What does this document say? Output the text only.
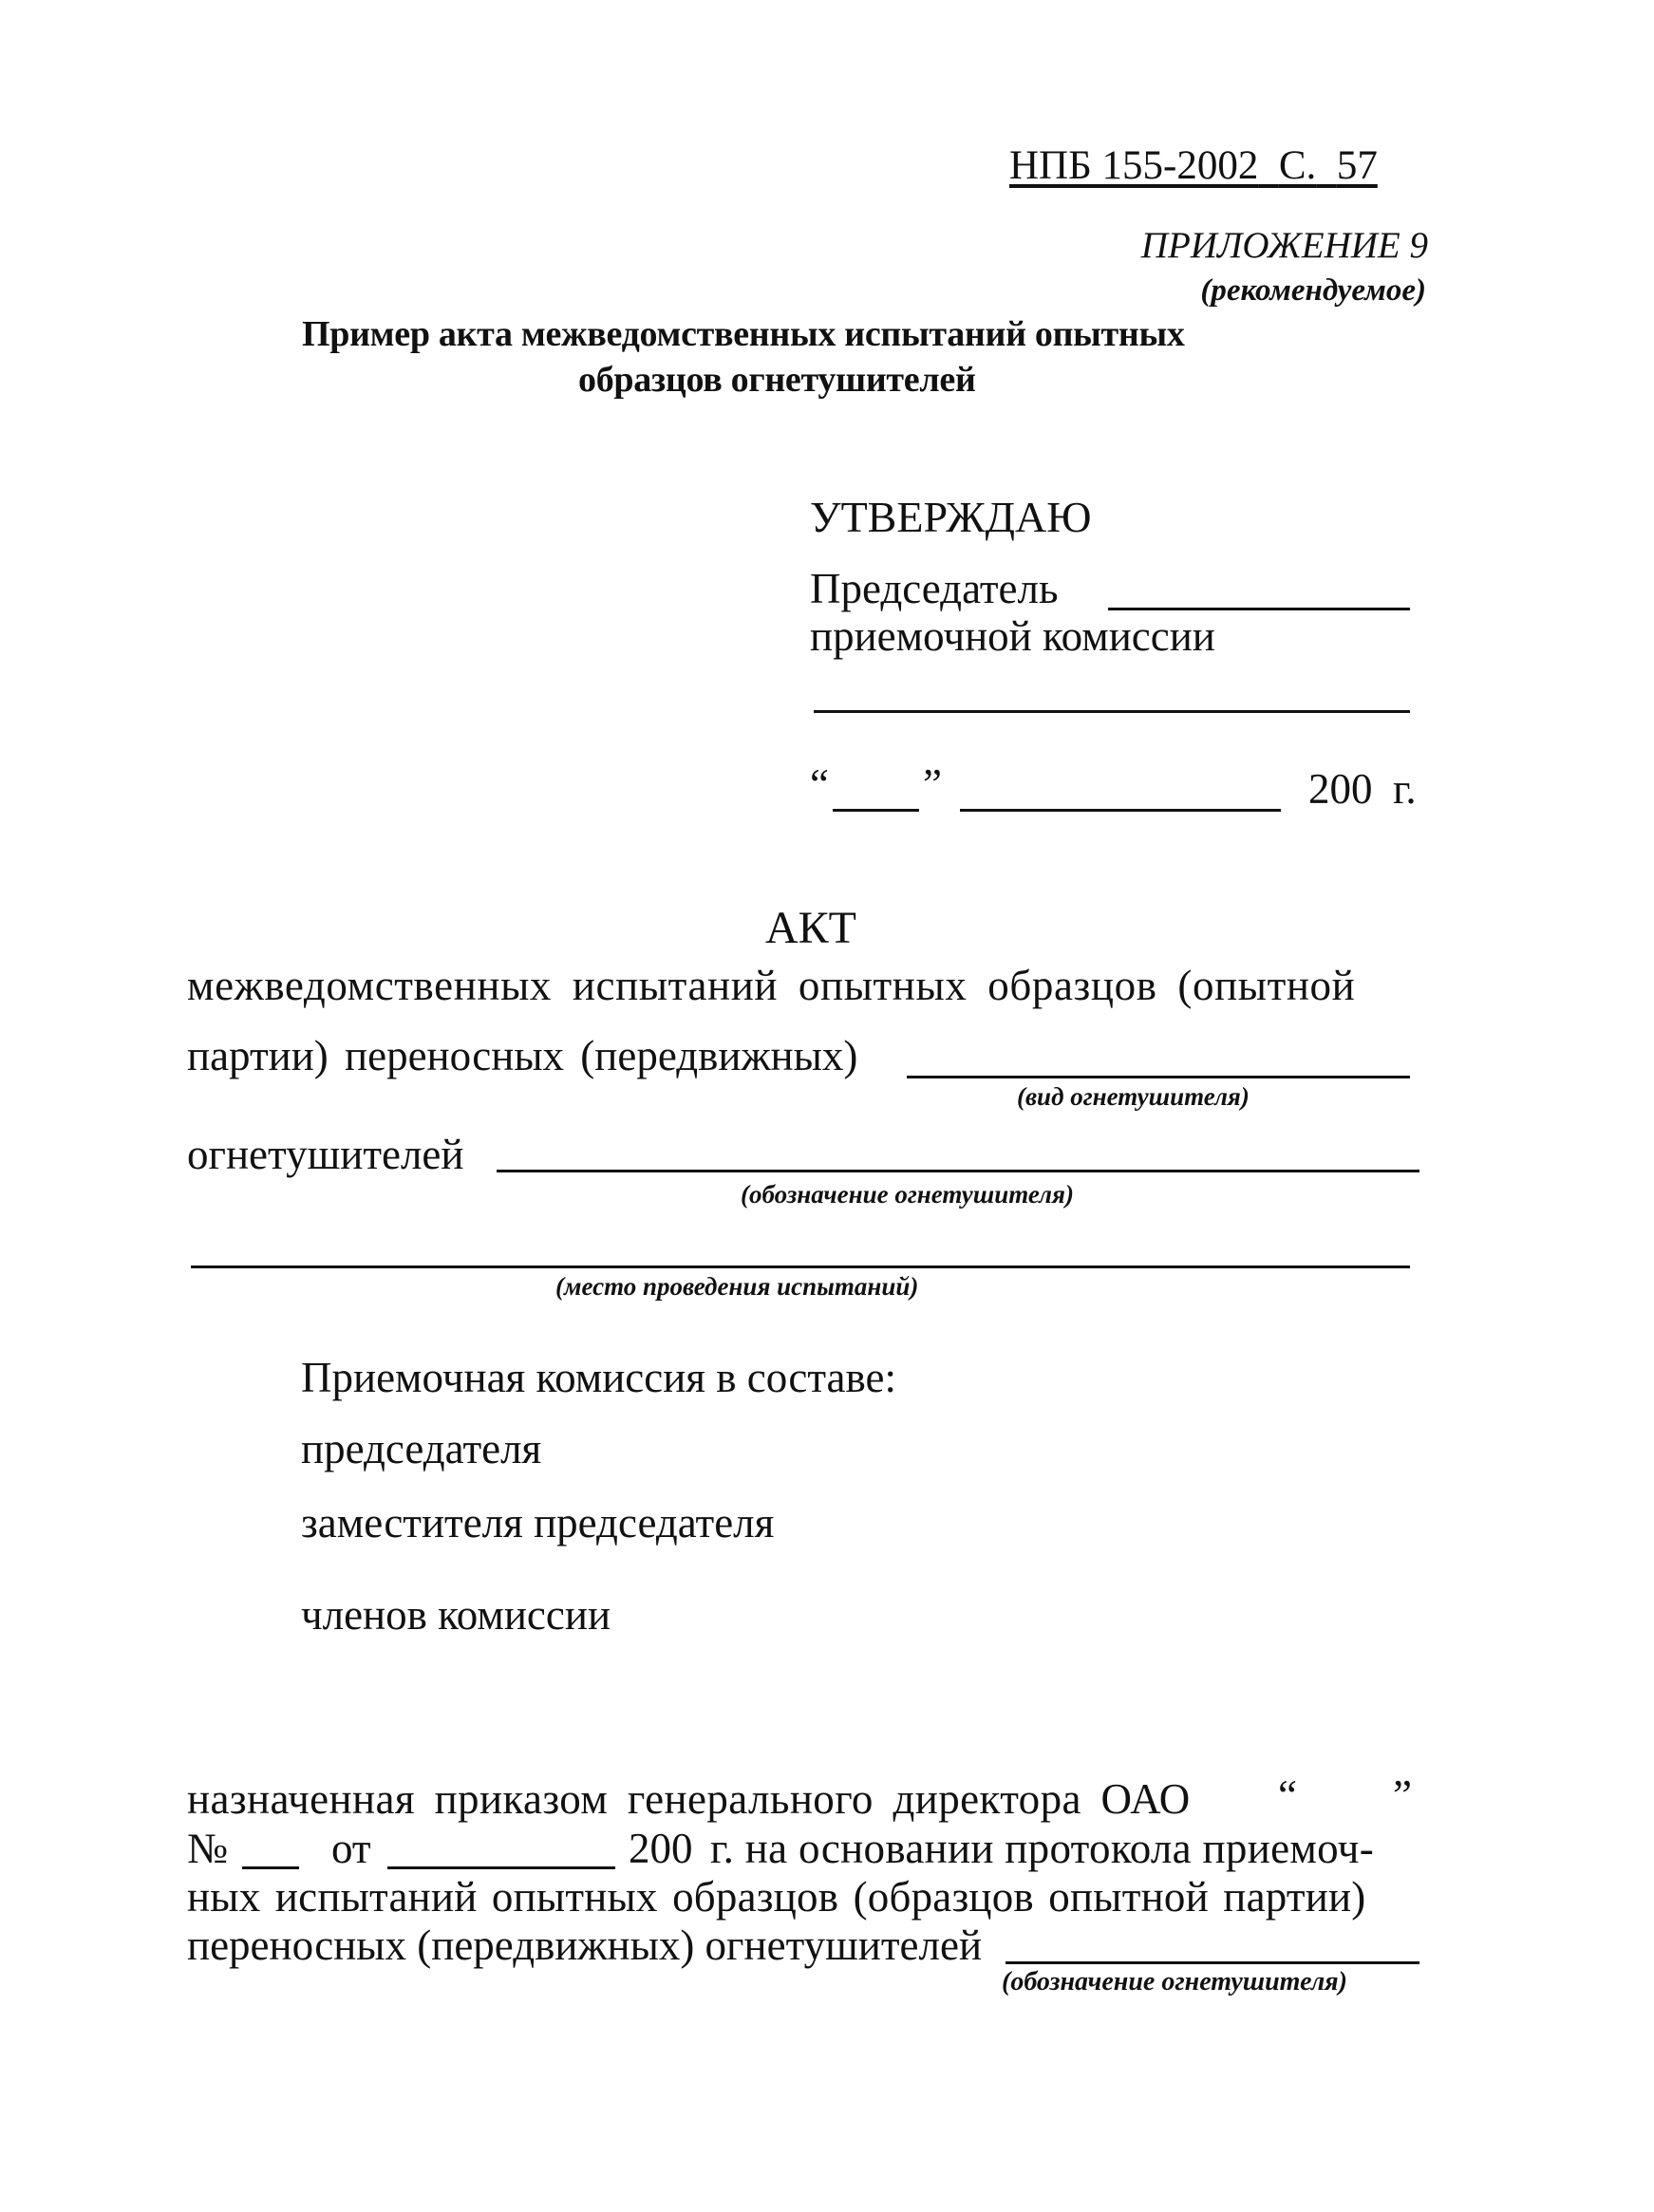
НПБ 155-2002 С. 57
ПРИЛОЖЕНИЕ 9
(рекомендуемое)
Пример акта межведомственных испытаний опытных
образцов огнетушителей
УТВЕРЖДАЮ
Председатель
приемочной комиссии
“ ”	200 г.
АКТ
межведомственных испытаний опытных образцов (опытной
партии) переносных (передвижных)
(вид огнетушителя)
огнетушителей
(обозначение огнетушителя)
(место проведения испытаний)
Приемочная комиссия в составе:
председателя
заместителя председателя
членов комиссии
назначенная приказом генерального директора ОАО “ ”
№ от	200 г. на основании протокола приемоч-
ных испытаний опытных образцов (образцов опытной партии)
переносных (передвижных) огнетушителей
(обозначение огнетушителя)
